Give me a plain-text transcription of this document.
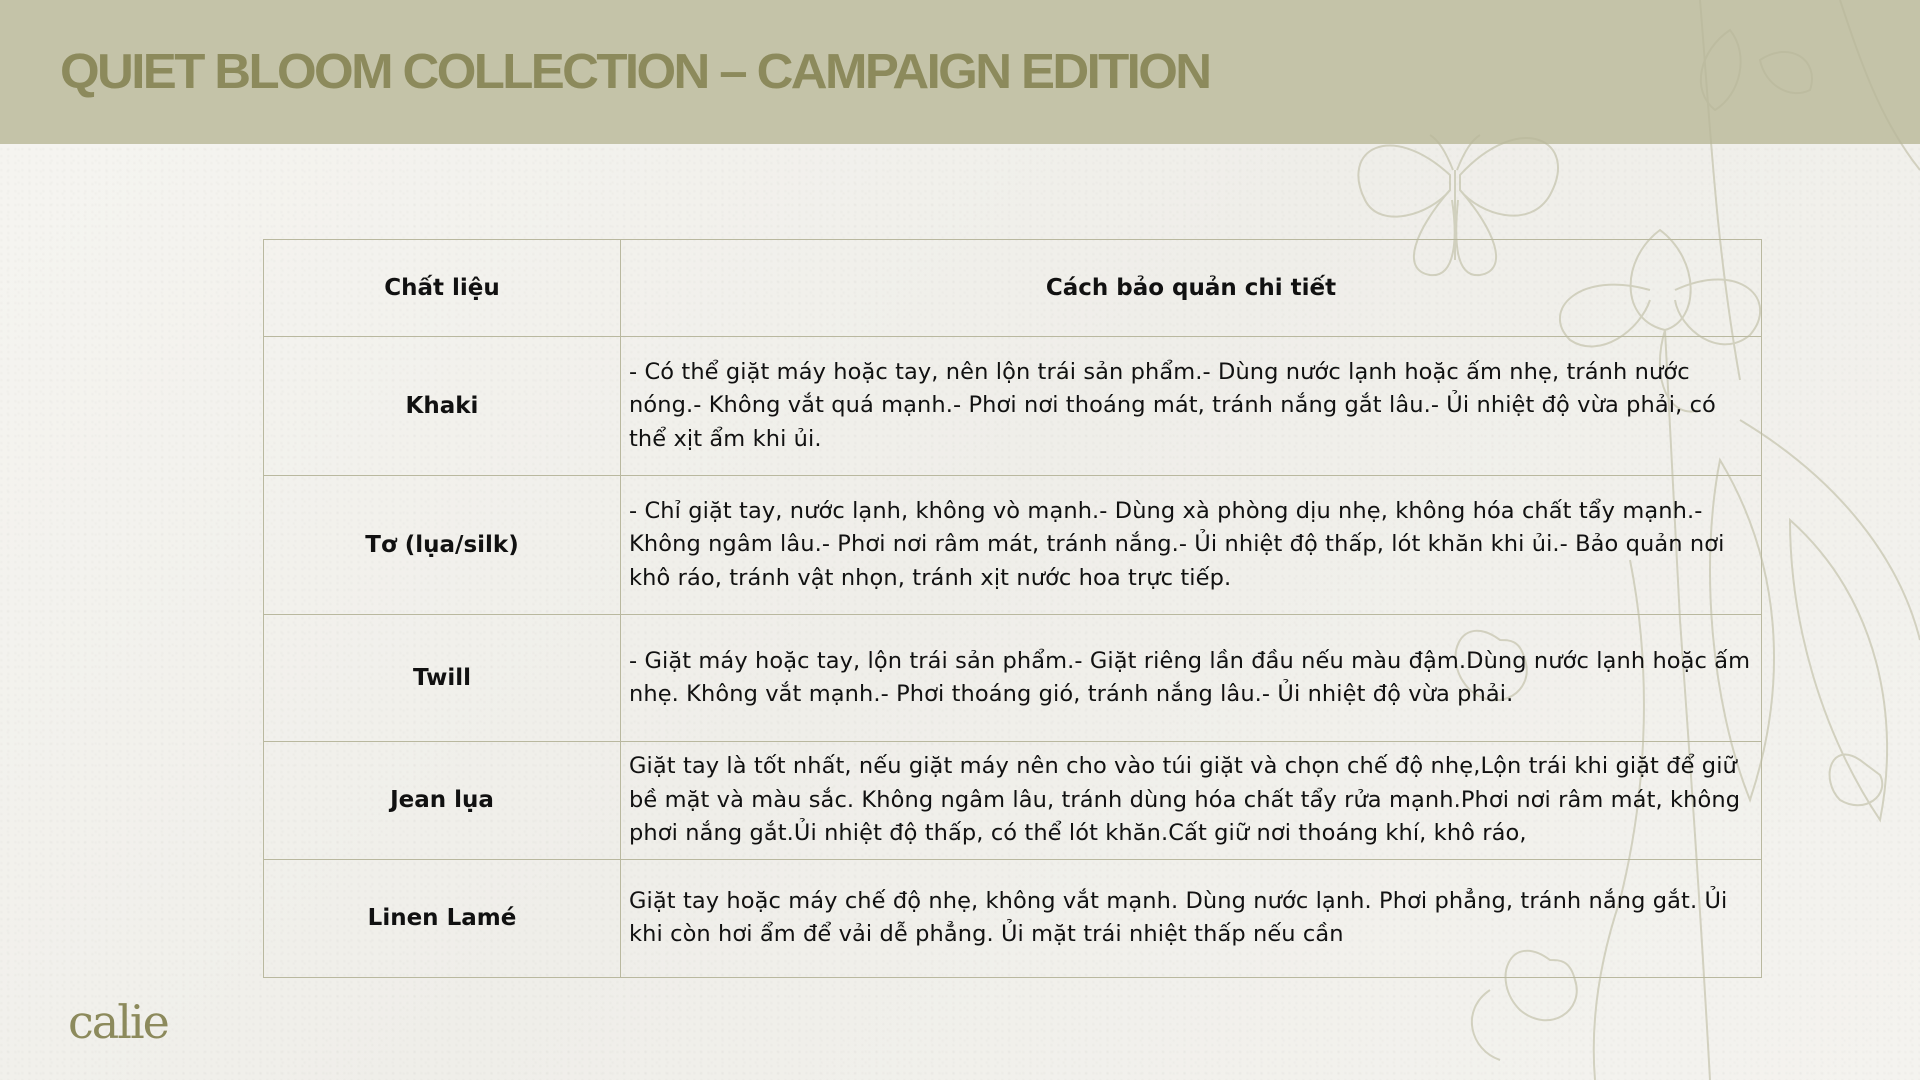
QUIET BLOOM COLLECTION – CAMPAIGN EDITION
Chất liệu	Cách bảo quản chi tiết
Khaki	- Có thể giặt máy hoặc tay, nên lộn trái sản phẩm.- Dùng nước lạnh hoặc ấm nhẹ, tránh nước nóng.- Không vắt quá mạnh.- Phơi nơi thoáng mát, tránh nắng gắt lâu.- Ủi nhiệt độ vừa phải, có thể xịt ẩm khi ủi.
Tơ (lụa/silk)	- Chỉ giặt tay, nước lạnh, không vò mạnh.- Dùng xà phòng dịu nhẹ, không hóa chất tẩy mạnh.- Không ngâm lâu.- Phơi nơi râm mát, tránh nắng.- Ủi nhiệt độ thấp, lót khăn khi ủi.- Bảo quản nơi khô ráo, tránh vật nhọn, tránh xịt nước hoa trực tiếp.
Twill	- Giặt máy hoặc tay, lộn trái sản phẩm.- Giặt riêng lần đầu nếu màu đậm.Dùng nước lạnh hoặc ấm nhẹ. Không vắt mạnh.- Phơi thoáng gió, tránh nắng lâu.- Ủi nhiệt độ vừa phải.
Jean lụa	Giặt tay là tốt nhất, nếu giặt máy nên cho vào túi giặt và chọn chế độ nhẹ,Lộn trái khi giặt để giữ bề mặt và màu sắc. Không ngâm lâu, tránh dùng hóa chất tẩy rửa mạnh.Phơi nơi râm mát, không phơi nắng gắt.Ủi nhiệt độ thấp, có thể lót khăn.Cất giữ nơi thoáng khí, khô ráo,
Linen Lamé	Giặt tay hoặc máy chế độ nhẹ, không vắt mạnh. Dùng nước lạnh. Phơi phẳng, tránh nắng gắt. Ủi khi còn hơi ẩm để vải dễ phẳng. Ủi mặt trái nhiệt thấp nếu cần
calie
